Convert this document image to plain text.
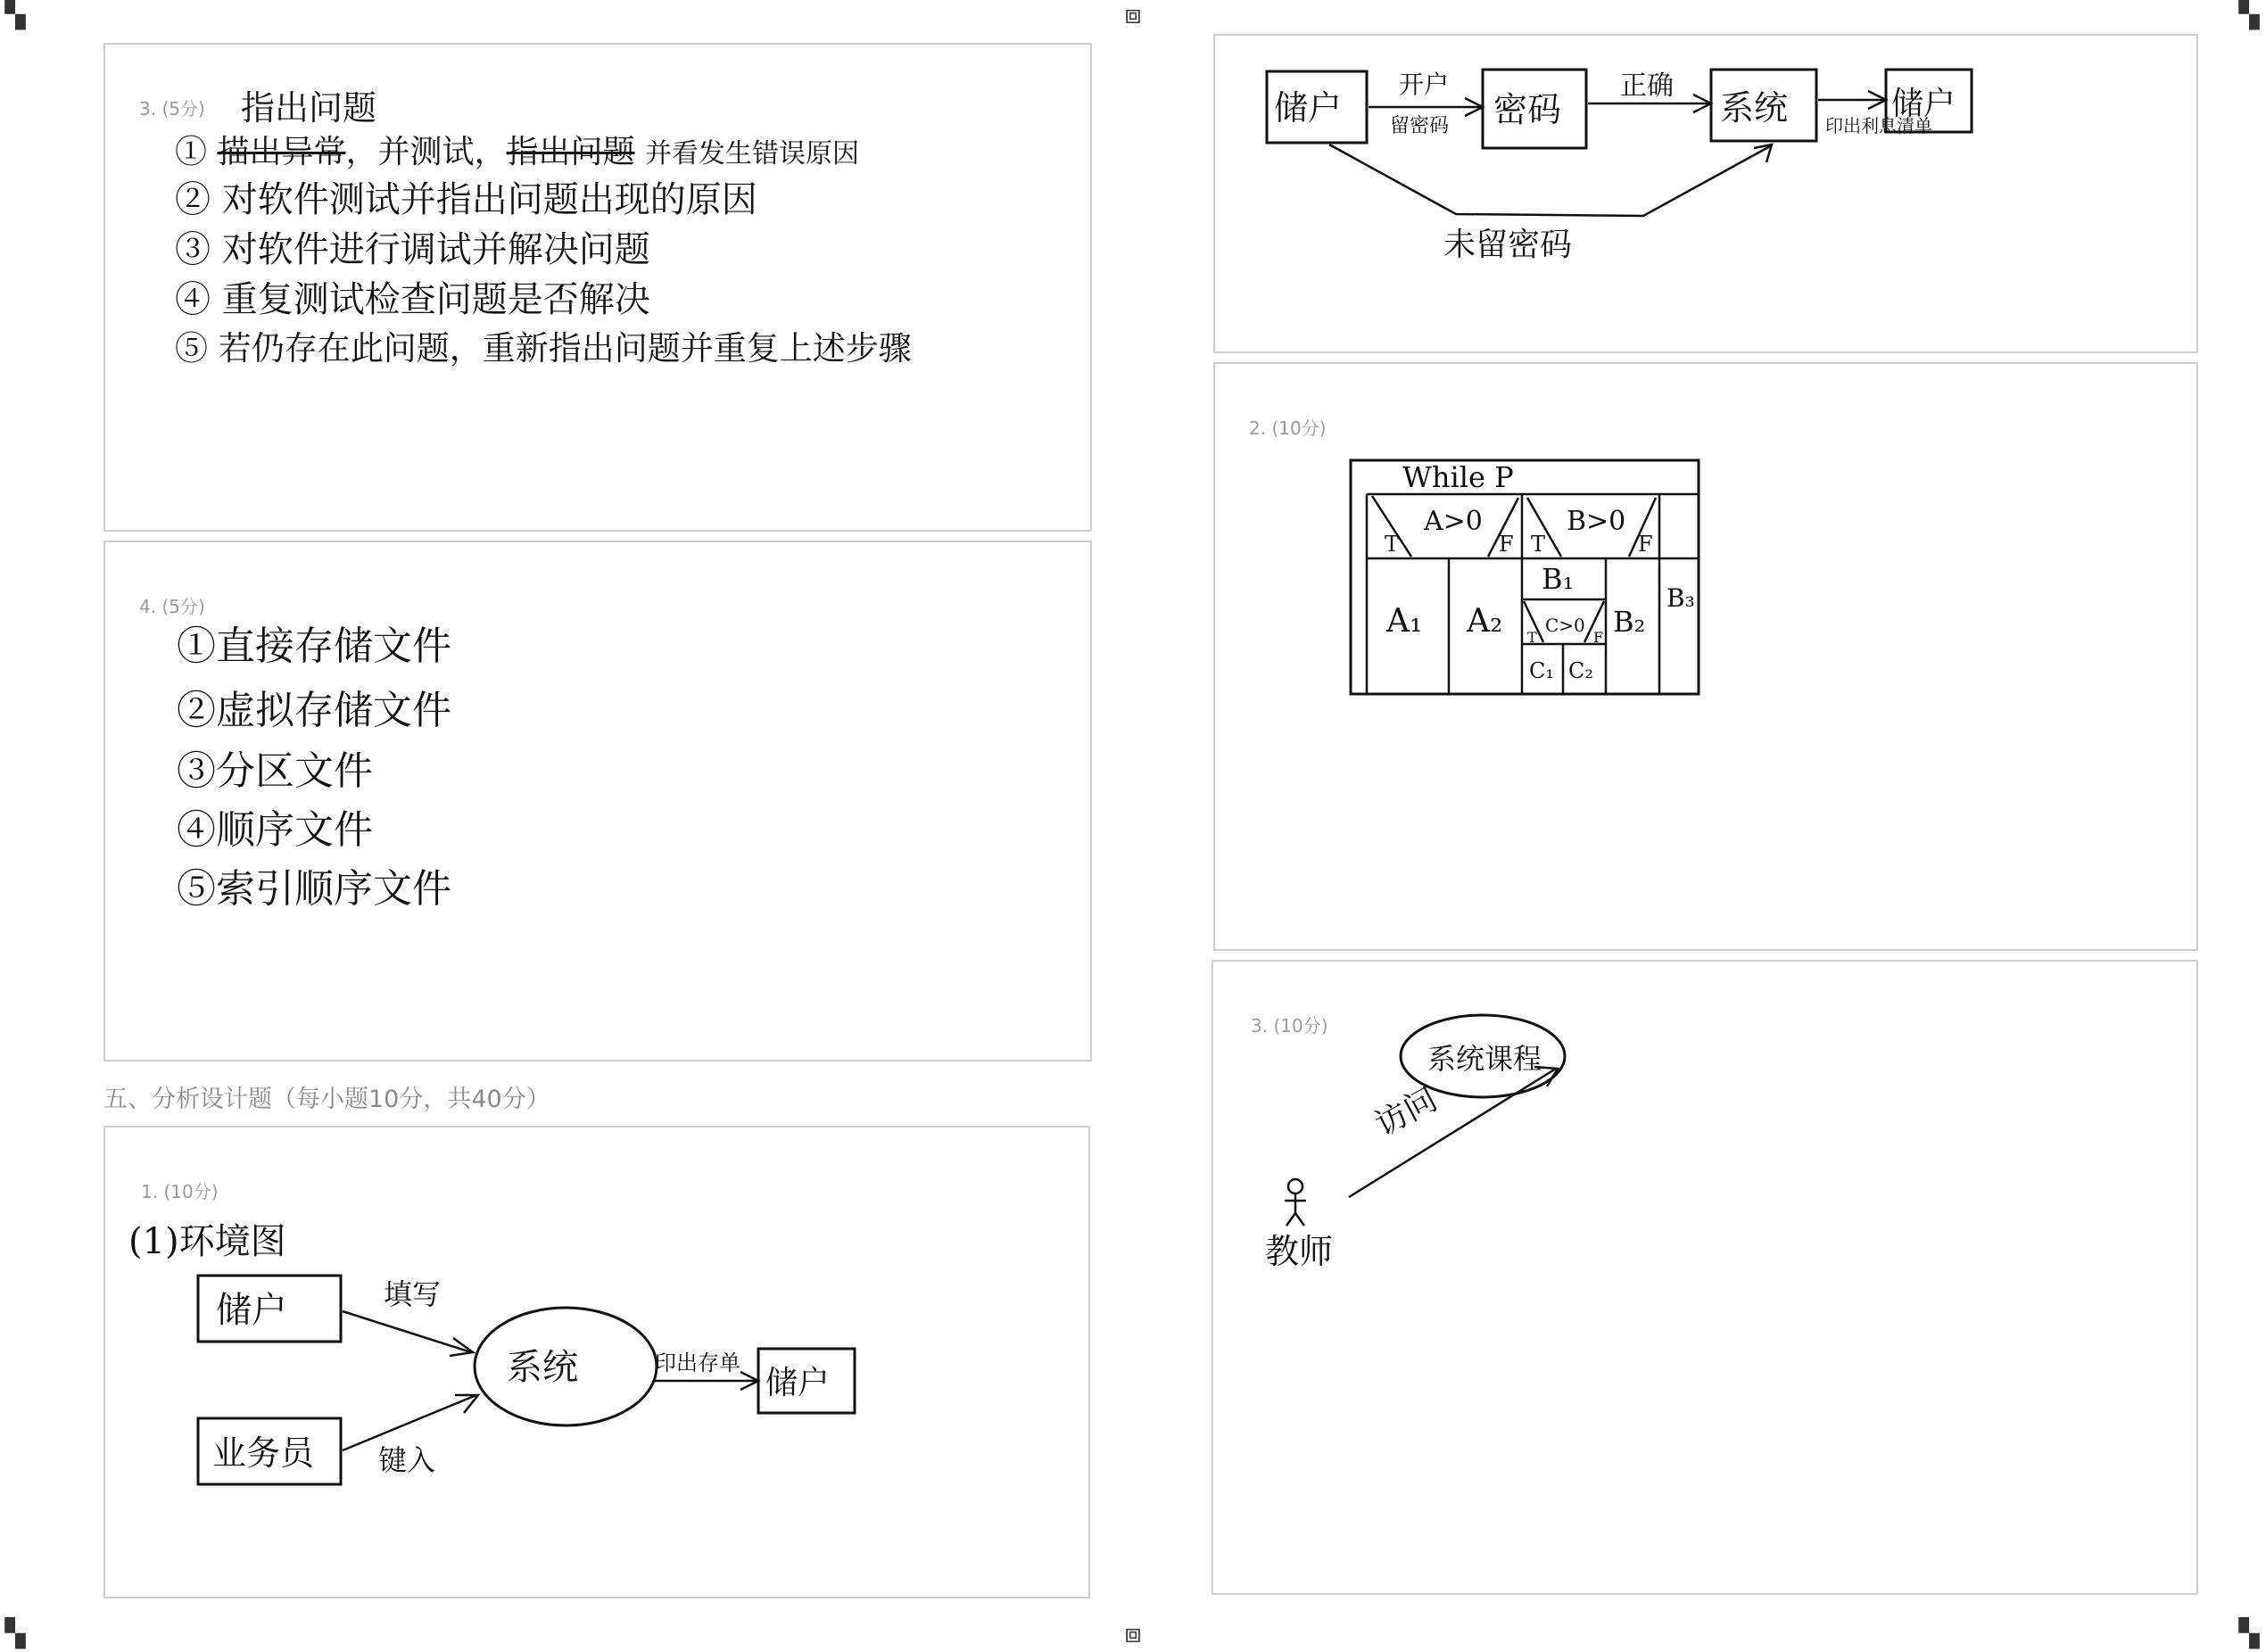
▚	⧈	▚
▚	⧈	▚
3. (5分) 指出问题
① 描出异常，并测试，指出问题 并看发生错误原因
② 对软件测试并指出问题出现的原因
③ 对软件进行调试并解决问题
④ 重复测试检查问题是否解决
⑤ 若仍存在此问题，重新指出问题并重复上述步骤
4. (5分)
①直接存储文件
②虚拟存储文件
③分区文件
④顺序文件
⑤索引顺序文件
五、分析设计题（每小题10分，共40分）
1. (10分)
(1)环境图
储户
业务员
系统	储户
填写
键入
印出存单
储户	密码	系统	储户
开户
留密码
正确
印出利息清单
未留密码
2. (10分)
While P
A>0	B>0
T	F T	F
A₁ A₂
B₁
B₂
B₃
C>0
T	F
C₁ C₂
3. (10分)
系统课程
访问
教师
